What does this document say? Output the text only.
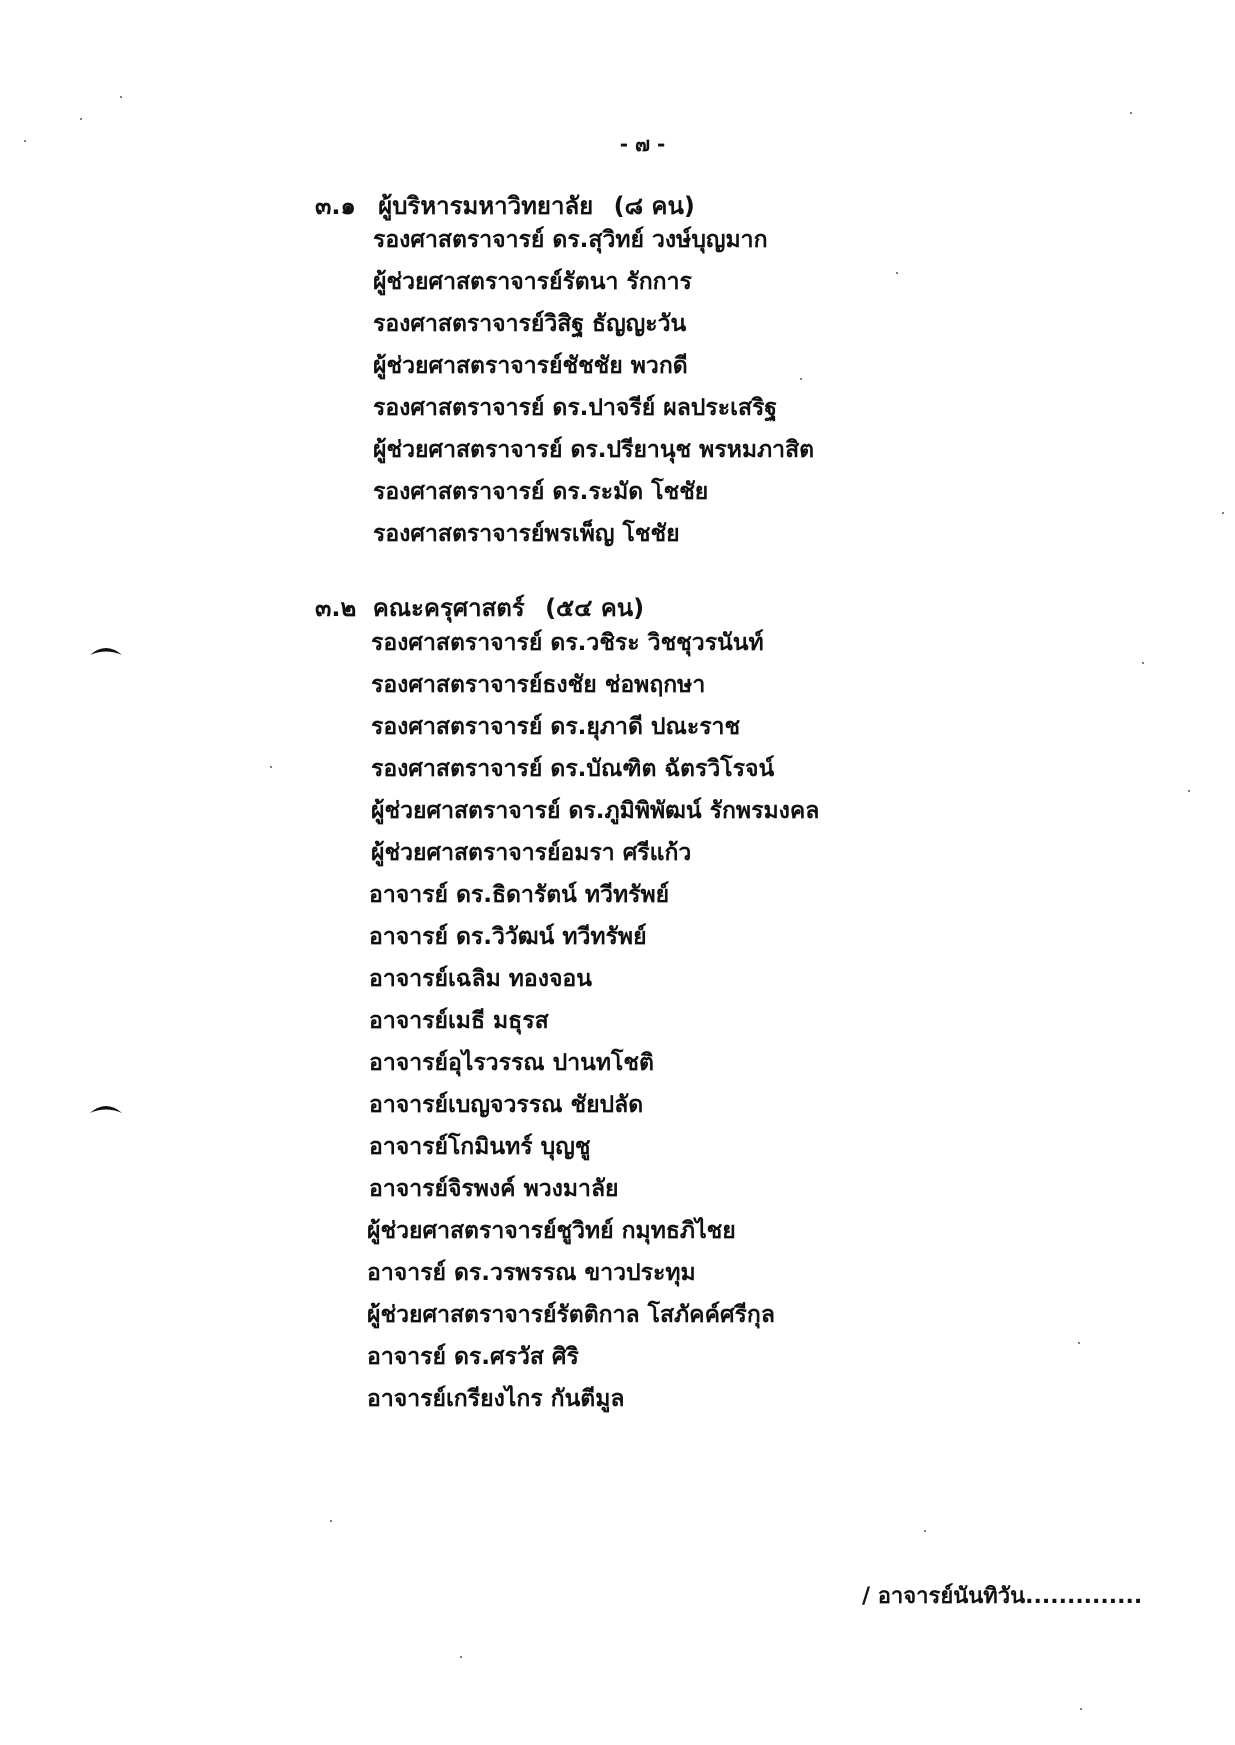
- ๗ -
๓.๑ ผู้บริหารมหาวิทยาลัย (๘ คน)
รองศาสตราจารย์ ดร.สุวิทย์ วงษ์บุญมาก
ผู้ช่วยศาสตราจารย์รัตนา รักการ
รองศาสตราจารย์วิสิฐ ธัญญะวัน
ผู้ช่วยศาสตราจารย์ชัชชัย พวกดี
รองศาสตราจารย์ ดร.ปาจรีย์ ผลประเสริฐ
ผู้ช่วยศาสตราจารย์ ดร.ปรียานุช พรหมภาสิต
รองศาสตราจารย์ ดร.ระมัด โชชัย
รองศาสตราจารย์พรเพ็ญ โชชัย
๓.๒ คณะครุศาสตร์ (๕๔ คน)
รองศาสตราจารย์ ดร.วชิระ วิชชุวรนันท์
รองศาสตราจารย์ธงชัย ช่อพฤกษา
รองศาสตราจารย์ ดร.ยุภาดี ปณะราช
รองศาสตราจารย์ ดร.บัณฑิต ฉัตรวิโรจน์
ผู้ช่วยศาสตราจารย์ ดร.ภูมิพิพัฒน์ รักพรมงคล
ผู้ช่วยศาสตราจารย์อมรา ศรีแก้ว
อาจารย์ ดร.ธิดารัตน์ ทวีทรัพย์
อาจารย์ ดร.วิวัฒน์ ทวีทรัพย์
อาจารย์เฉลิม ทองจอน
อาจารย์เมธี มธุรส
อาจารย์อุไรวรรณ ปานทโชติ
อาจารย์เบญจวรรณ ชัยปลัด
อาจารย์โกมินทร์ บุญชู
อาจารย์จิรพงค์ พวงมาลัย
ผู้ช่วยศาสตราจารย์ชูวิทย์ กมุทธภิไชย
อาจารย์ ดร.วรพรรณ ขาวประทุม
ผู้ช่วยศาสตราจารย์รัตติกาล โสภัคค์ศรีกุล
อาจารย์ ดร.ศรวัส ศิริ
อาจารย์เกรียงไกร กันตีมูล
/ อาจารย์นันทิวัน..............
